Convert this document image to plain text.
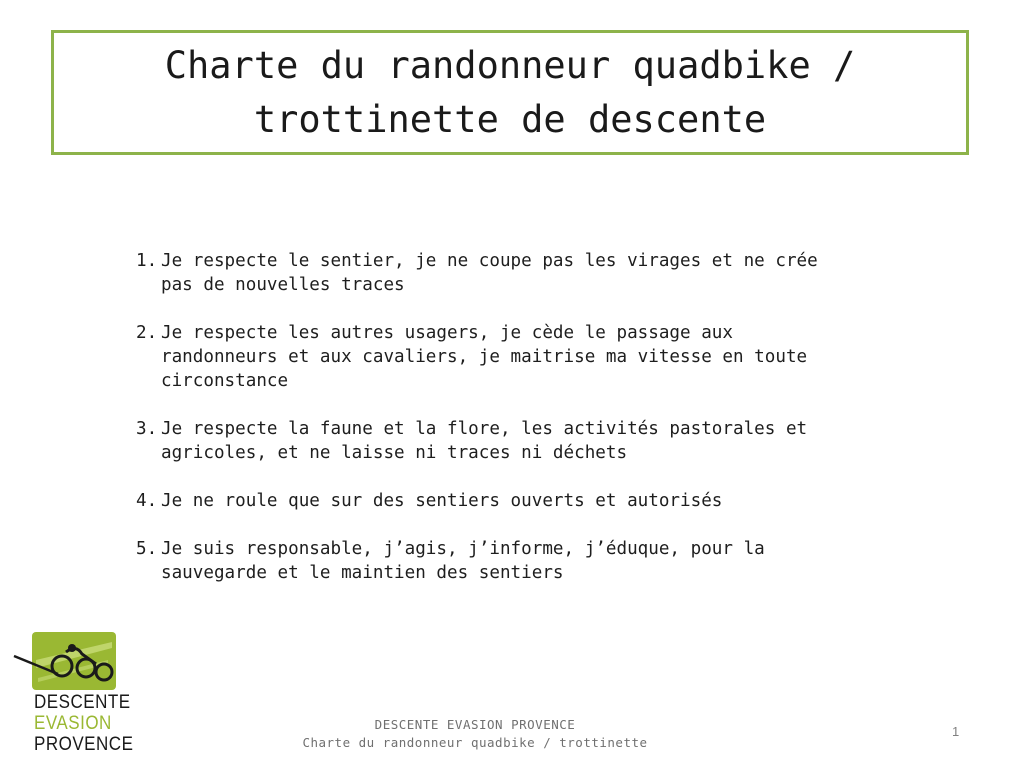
Charte du randonneur quadbike /
trottinette de descente
1. Je respecte le sentier, je ne coupe pas les virages et ne crée pas de nouvelles traces
2. Je respecte les autres usagers, je cède le passage aux randonneurs et aux cavaliers, je maitrise ma vitesse en toute circonstance
3. Je respecte la faune et la flore, les activités pastorales et agricoles, et ne laisse ni traces ni déchets
4. Je ne roule que sur des sentiers ouverts et autorisés
5. Je suis responsable, j’agis, j’informe, j’éduque, pour la sauvegarde et le maintien des sentiers
DESCENTE
EVASION
PROVENCE
DESCENTE EVASION PROVENCE
Charte du randonneur quadbike / trottinette
1
